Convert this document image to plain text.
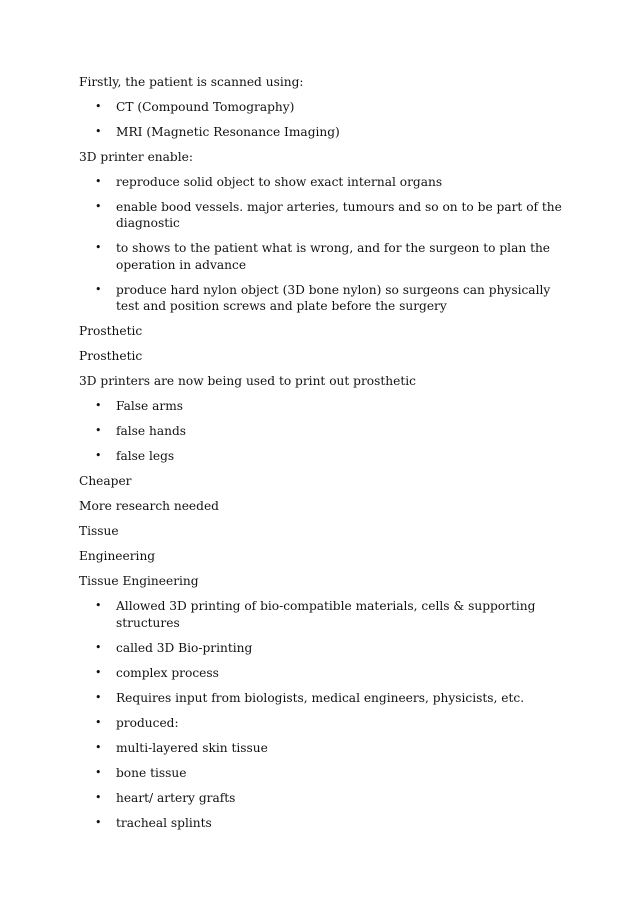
Firstly, the patient is scanned using:

• CT (Compound Tomography)
• MRI (Magnetic Resonance Imaging)

3D printer enable:

• reproduce solid object to show exact internal organs
• enable bood vessels. major arteries, tumours and so on to be part of the diagnostic
• to shows to the patient what is wrong, and for the surgeon to plan the operation in advance
• produce hard nylon object (3D bone nylon) so surgeons can physically test and position screws and plate before the surgery

Prosthetic

Prosthetic

3D printers are now being used to print out prosthetic

• False arms
• false hands
• false legs

Cheaper

More research needed

Tissue

Engineering

Tissue Engineering

• Allowed 3D printing of bio-compatible materials, cells & supporting structures
• called 3D Bio-printing
• complex process
• Requires input from biologists, medical engineers, physicists, etc.
• produced:
• multi-layered skin tissue
• bone tissue
• heart/ artery grafts
• tracheal splints
